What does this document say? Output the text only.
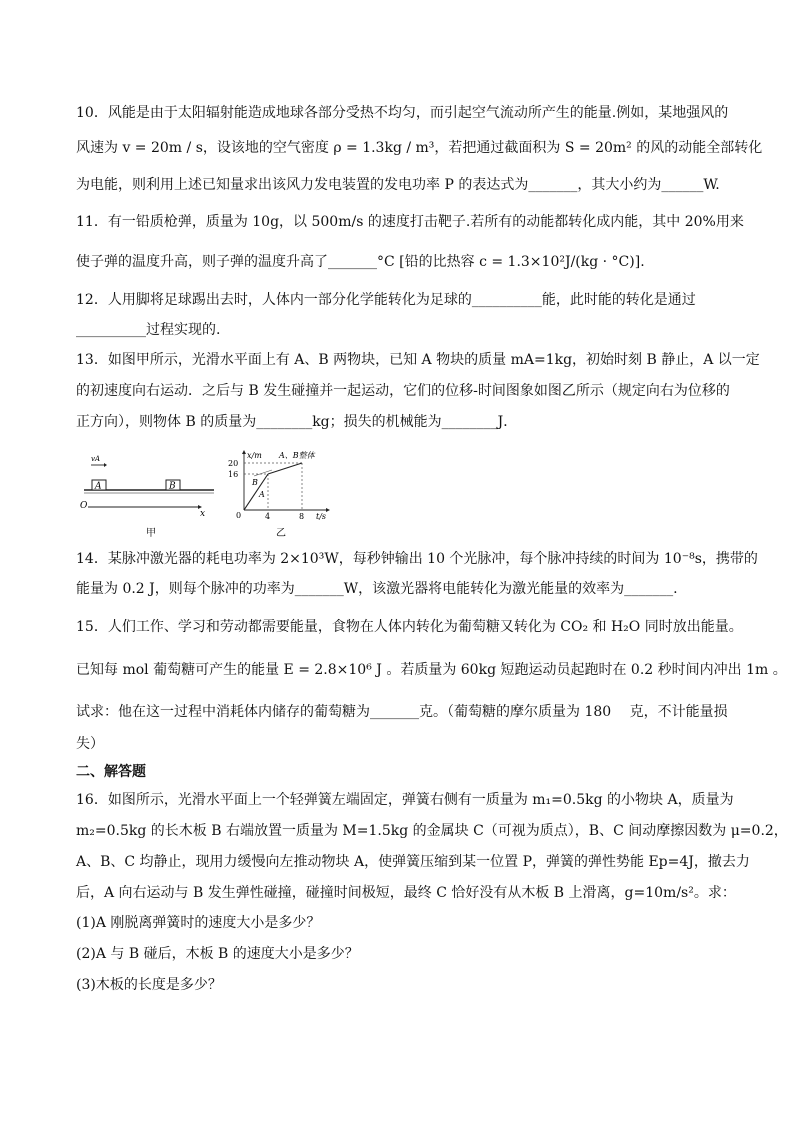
10．风能是由于太阳辐射能造成地球各部分受热不均匀，而引起空气流动所产生的能量.例如，某地强风的
风速为 v = 20m / s，设该地的空气密度 ρ = 1.3kg / m³，若把通过截面积为 S = 20m² 的风的动能全部转化
为电能，则利用上述已知量求出该风力发电装置的发电功率 P 的表达式为_______，其大小约为______W.
11．有一铅质枪弹，质量为 10g，以 500m/s 的速度打击靶子.若所有的动能都转化成内能，其中 20%用来
使子弹的温度升高，则子弹的温度升高了_______°C [铅的比热容 c = 1.3×10²J/(kg · °C)].
12．人用脚将足球踢出去时，人体内一部分化学能转化为足球的__________能，此时能的转化是通过
__________过程实现的.
13．如图甲所示，光滑水平面上有 A、B 两物块，已知 A 物块的质量 mA=1kg，初始时刻 B 静止，A 以一定
的初速度向右运动．之后与 B 发生碰撞并一起运动，它们的位移-时间图象如图乙所示（规定向右为位移的
正方向），则物体 B 的质量为________kg；损失的机械能为________J．
A	B
vA
O
x
甲
x/m A、B整体
20
16
B
A
0	4	8 t/s
乙
14．某脉冲激光器的耗电功率为 2×10³W，每秒钟输出 10 个光脉冲，每个脉冲持续的时间为 10⁻⁸s，携带的
能量为 0.2 J，则每个脉冲的功率为_______W，该激光器将电能转化为激光能量的效率为_______.
15．人们工作、学习和劳动都需要能量，食物在人体内转化为葡萄糖又转化为 CO₂ 和 H₂O 同时放出能量。
已知每 mol 葡萄糖可产生的能量 E = 2.8×10⁶ J 。若质量为 60kg 短跑运动员起跑时在 0.2 秒时间内冲出 1m 。
试求：他在这一过程中消耗体内储存的葡萄糖为_______克。（葡萄糖的摩尔质量为 180　 克，不计能量损
失）
二、解答题
16．如图所示，光滑水平面上一个轻弹簧左端固定，弹簧右侧有一质量为 m₁=0.5kg 的小物块 A，质量为
m₂=0.5kg 的长木板 B 右端放置一质量为 M=1.5kg 的金属块 C（可视为质点），B、C 间动摩擦因数为 μ=0.2，
A、B、C 均静止，现用力缓慢向左推动物块 A，使弹簧压缩到某一位置 P，弹簧的弹性势能 Ep=4J，撤去力
后，A 向右运动与 B 发生弹性碰撞，碰撞时间极短，最终 C 恰好没有从木板 B 上滑离，g=10m/s²。求：
(1)A 刚脱离弹簧时的速度大小是多少？
(2)A 与 B 碰后，木板 B 的速度大小是多少？
(3)木板的长度是多少？
